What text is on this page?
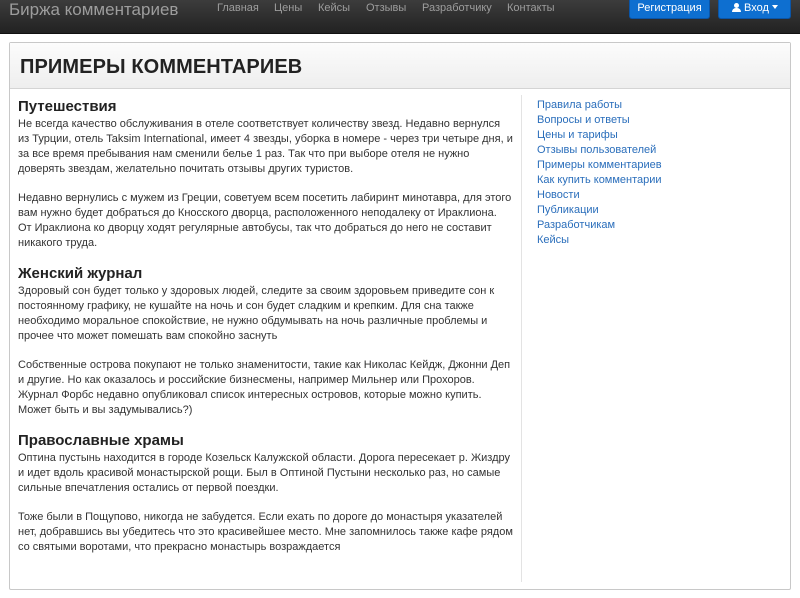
Биржа комментариев	Главная Цены Кейсы Отзывы Разработчику Контакты	Регистрация	Вход
ПРИМЕРЫ КОММЕНТАРИЕВ
Путешествия

Не всегда качество обслуживания в отеле соответствует количеству звезд. Недавно вернулся из Турции, отель Taksim International, имеет 4 звезды, уборка в номере - через три четыре дня, и за все время пребывания нам сменили белье 1 раз. Так что при выборе отеля не нужно доверять звездам, желательно почитать отзывы других туристов.

Недавно вернулись с мужем из Греции, советуем всем посетить лабиринт минотавра, для этого вам нужно будет добраться до Кносского дворца, расположенного неподалеку от Ираклиона. От Ираклиона ко дворцу ходят регулярные автобусы, так что добраться до него не составит никакого труда.

Женский журнал

Здоровый сон будет только у здоровых людей, следите за своим здоровьем приведите сон к постоянному графику, не кушайте на ночь и сон будет сладким и крепким. Для сна также необходимо моральное спокойствие, не нужно обдумывать на ночь различные проблемы и прочее что может помешать вам спокойно заснуть

Собственные острова покупают не только знаменитости, такие как Николас Кейдж, Джонни Деп и другие. Но как оказалось и российские бизнесмены, например Мильнер или Прохоров. Журнал Форбс недавно опубликовал список интересных островов, которые можно купить. Может быть и вы задумывались?)

Православные храмы

Оптина пустынь находится в городе Козельск Калужской области. Дорога пересекает р. Жиздру и идет вдоль красивой монастырской рощи. Был в Оптиной Пустыни несколько раз, но самые сильные впечатления остались от первой поездки.

Тоже были в Пощупово, никогда не забудется. Если ехать по дороге до монастыря указателей нет, добравшись вы убедитесь что это красивейшее место. Мне запомнилось также кафе рядом со святыми воротами, что прекрасно монастырь возраждается

Правила работы
Вопросы и ответы
Цены и тарифы
Отзывы пользователей
Примеры комментариев
Как купить комментарии
Новости
Публикации
Разработчикам
Кейсы
